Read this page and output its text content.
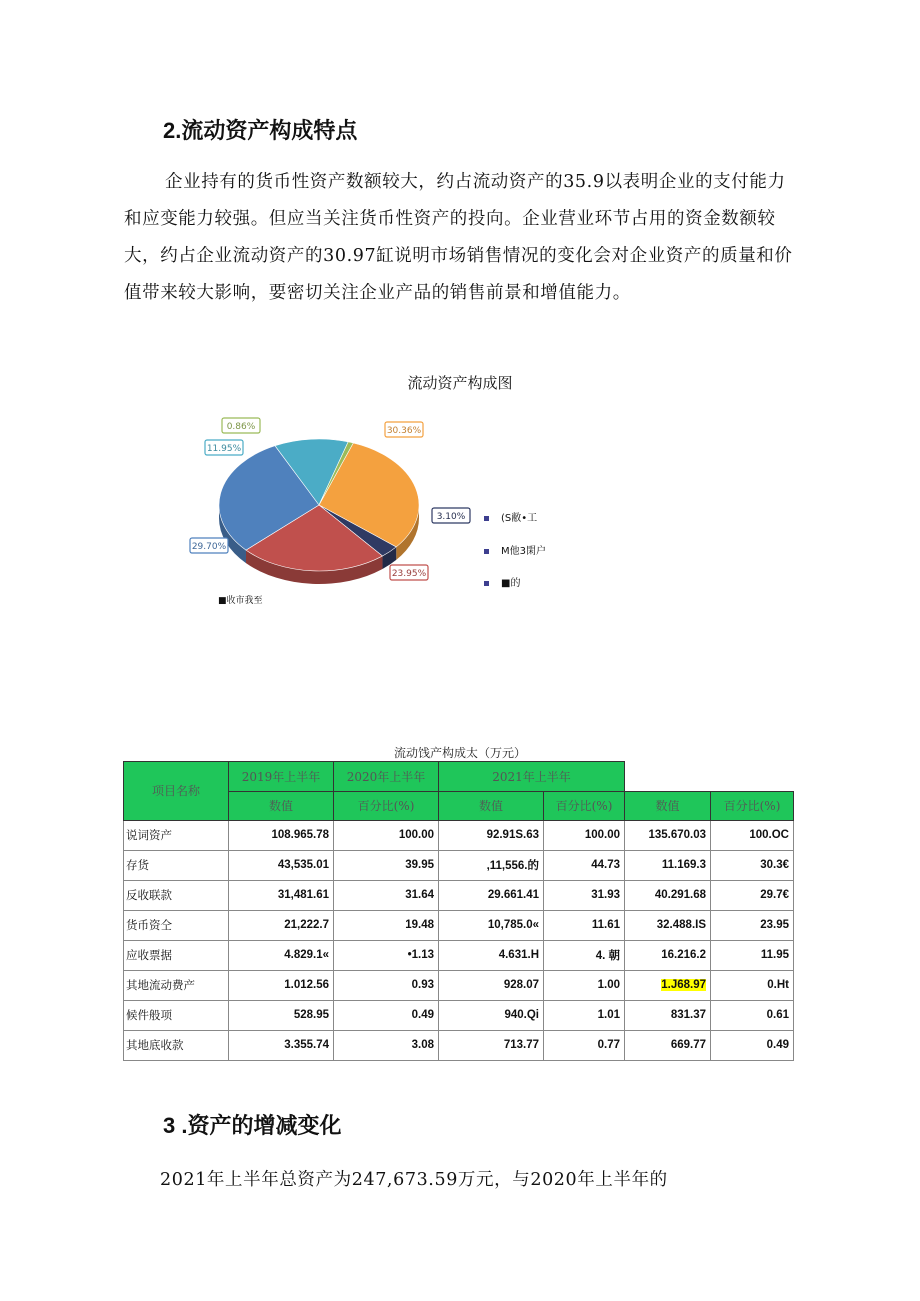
2.流动资产构成特点

企业持有的货币性资产数额较大，约占流动资产的35.9以表明企业的支付能力和应变能力较强。但应当关注货币性资产的投向。企业营业环节占用的资金数额较大，约占企业流动资产的30.97缸说明市场销售情况的变化会对企业资产的质量和价值带来较大影响，要密切关注企业产品的销售前景和增值能力。

流动资产构成图
30.36%
3.10%
23.95%
29.70%
11.95%
0.86%
(S敝•工
M他3閑户
■的
■收市我至
流动饯产构成太（万元）
项目名称	2019年上半年	2020年上半年	2021年上半年			
	数值	百分比(%)	数值	百分比(%)	数值	百分比(%)
说词资产	108.965.78	100.00	92.91S.63	100.00	135.670.03	100.OC
存货	43,535.01	39.95	,11,556.的	44.73	11.169.3	30.3€
反收联款	31,481.61	31.64	29.661.41	31.93	40.291.68	29.7€
货币资仝	21,222.7	19.48	10,785.0«	11.61	32.488.IS	23.95
应收票据	4.829.1«	•1.13	4.631.H	4. 朝	16.216.2	11.95
其地流动费产	1.012.56	0.93	928.07	1.00	1.J68.97	0.Ht
候件般项	528.95	0.49	940.Qi	1.01	831.37	0.61
其地底收款	3.355.74	3.08	713.77	0.77	669.77	0.49
3 .资产的增减变化
2021年上半年总资产为247,673.59万元，与2020年上半年的
